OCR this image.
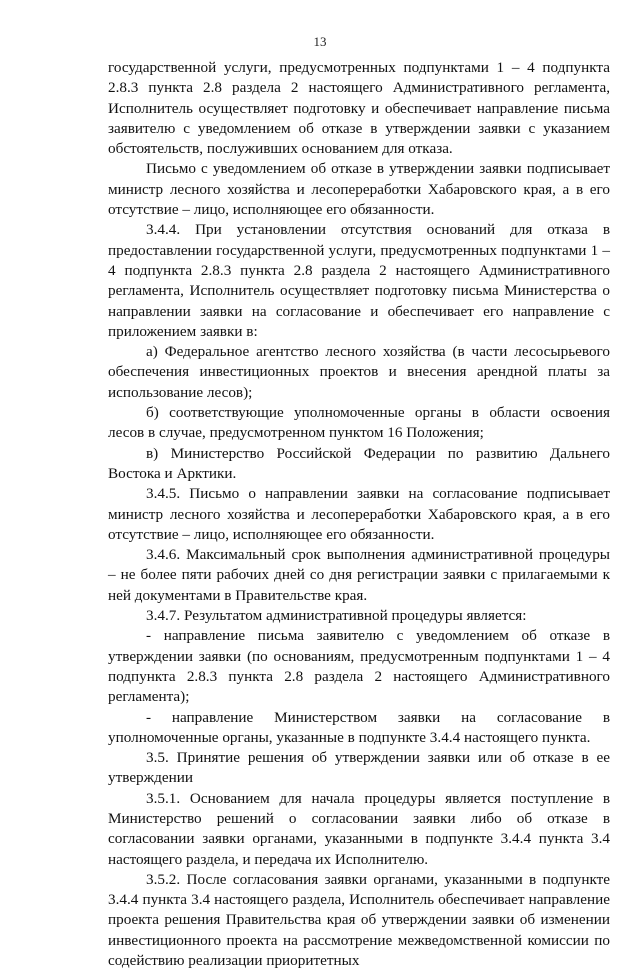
13

государственной услуги, предусмотренных подпунктами 1 – 4 подпункта 2.8.3 пункта 2.8 раздела 2 настоящего Административного регламента, Исполнитель осуществляет подготовку и обеспечивает направление письма заявителю с уведомлением об отказе в утверждении заявки с указанием обстоятельств, послуживших основанием для отказа.

Письмо с уведомлением об отказе в утверждении заявки подписывает министр лесного хозяйства и лесопереработки Хабаровского края, а в его отсутствие – лицо, исполняющее его обязанности.

3.4.4. При установлении отсутствия оснований для отказа в предоставлении государственной услуги, предусмотренных подпунктами 1 – 4 подпункта 2.8.3 пункта 2.8 раздела 2 настоящего Административного регламента, Исполнитель осуществляет подготовку письма Министерства о направлении заявки на согласование и обеспечивает его направление с приложением заявки в:

а) Федеральное агентство лесного хозяйства (в части лесосырьевого обеспечения инвестиционных проектов и внесения арендной платы за использование лесов);

б) соответствующие уполномоченные органы в области освоения лесов в случае, предусмотренном пунктом 16 Положения;

в) Министерство Российской Федерации по развитию Дальнего Востока и Арктики.

3.4.5. Письмо о направлении заявки на согласование подписывает министр лесного хозяйства и лесопереработки Хабаровского края, а в его отсутствие – лицо, исполняющее его обязанности.

3.4.6. Максимальный срок выполнения административной процедуры – не более пяти рабочих дней со дня регистрации заявки с прилагаемыми к ней документами в Правительстве края.

3.4.7. Результатом административной процедуры является:

- направление письма заявителю с уведомлением об отказе в утверждении заявки (по основаниям, предусмотренным подпунктами 1 – 4 подпункта 2.8.3 пункта 2.8 раздела 2 настоящего Административного регламента);

- направление Министерством заявки на согласование в уполномоченные органы, указанные в подпункте 3.4.4 настоящего пункта.

3.5. Принятие решения об утверждении заявки или об отказе в ее утверждении

3.5.1. Основанием для начала процедуры является поступление в Министерство решений о согласовании заявки либо об отказе в согласовании заявки органами, указанными в подпункте 3.4.4 пункта 3.4 настоящего раздела, и передача их Исполнителю.

3.5.2. После согласования заявки органами, указанными в подпункте 3.4.4 пункта 3.4 настоящего раздела, Исполнитель обеспечивает направление проекта решения Правительства края об утверждении заявки об изменении инвестиционного проекта на рассмотрение межведомственной комиссии по содействию реализации приоритетных
